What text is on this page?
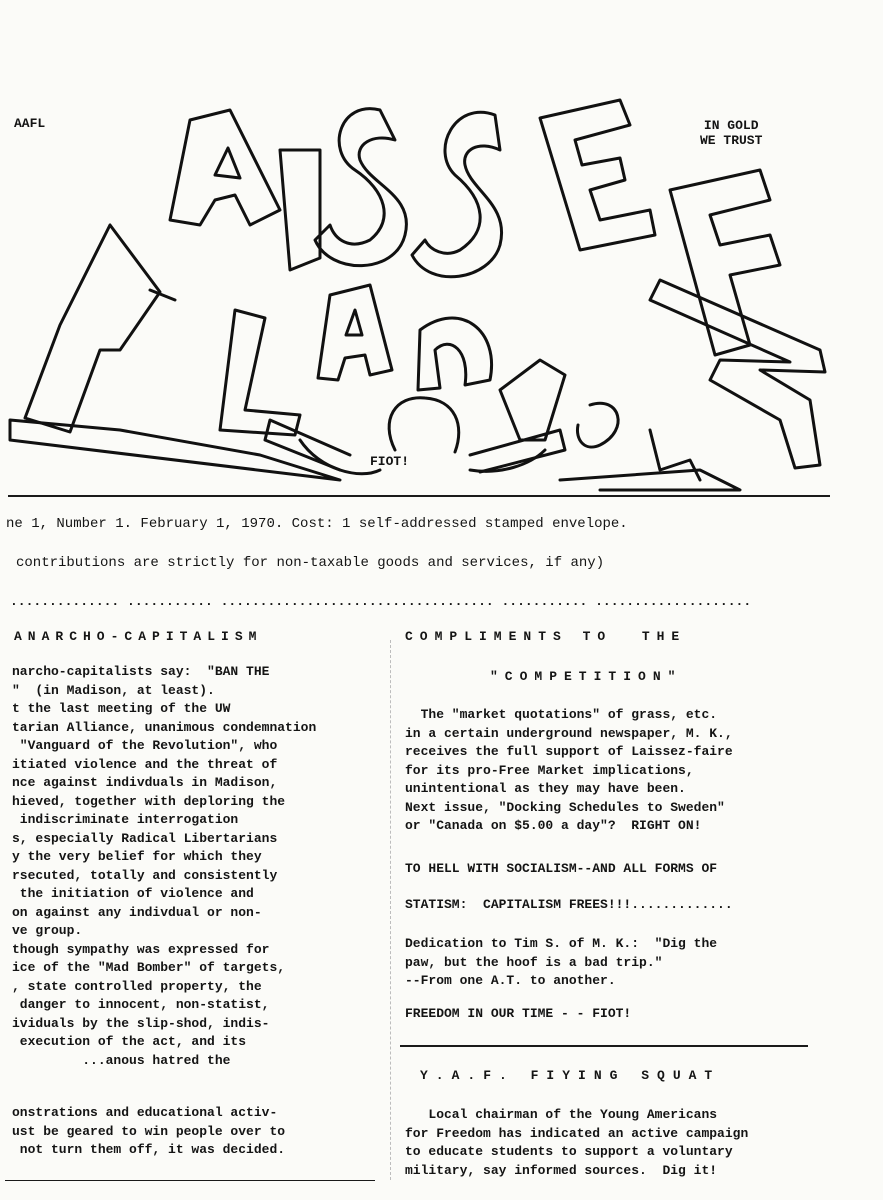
AAFL	IN GOLD
WE TRUST
FIOT!
ne 1, Number 1. February 1, 1970. Cost: 1 self-addressed stamped envelope.
contributions are strictly for non-taxable goods and services, if any)
.............. ........... ................................... ........... ....................
ANARCHO-CAPITALISM
narcho-capitalists say:  "BAN THE
"  (in Madison, at least).
t the last meeting of the UW
tarian Alliance, unanimous condemnation
"Vanguard of the Revolution", who
itiated violence and the threat of
nce against indivduals in Madison,
hieved, together with deploring the
indiscriminate interrogation
s, especially Radical Libertarians
y the very belief for which they
rsecuted, totally and consistently
the initiation of violence and
on against any indivdual or non-
ve group.
though sympathy was expressed for
ice of the "Mad Bomber" of targets,
, state controlled property, the
danger to innocent, non-statist,
ividuals by the slip-shod, indis-
execution of the act, and its
...anous hatred the
onstrations and educational activ-
ust be geared to win people over to
not turn them off, it was decided.
COMPLIMENTS TO  THE
"COMPETITION"
The "market quotations" of grass, etc.
in a certain underground newspaper, M. K.,
receives the full support of Laissez-faire
for its pro-Free Market implications,
unintentional as they may have been.
Next issue, "Docking Schedules to Sweden"
or "Canada on $5.00 a day"?  RIGHT ON!
TO HELL WITH SOCIALISM--AND ALL FORMS OF
STATISM:  CAPITALISM FREES!!!.............
Dedication to Tim S. of M. K.:  "Dig the
paw, but the hoof is a bad trip."
--From one A.T. to another.
FREEDOM IN OUR TIME - - FIOT!
Y.A.F. FIYING SQUAT
Local chairman of the Young Americans
for Freedom has indicated an active campaign
to educate students to support a voluntary
military, say informed sources.  Dig it!
